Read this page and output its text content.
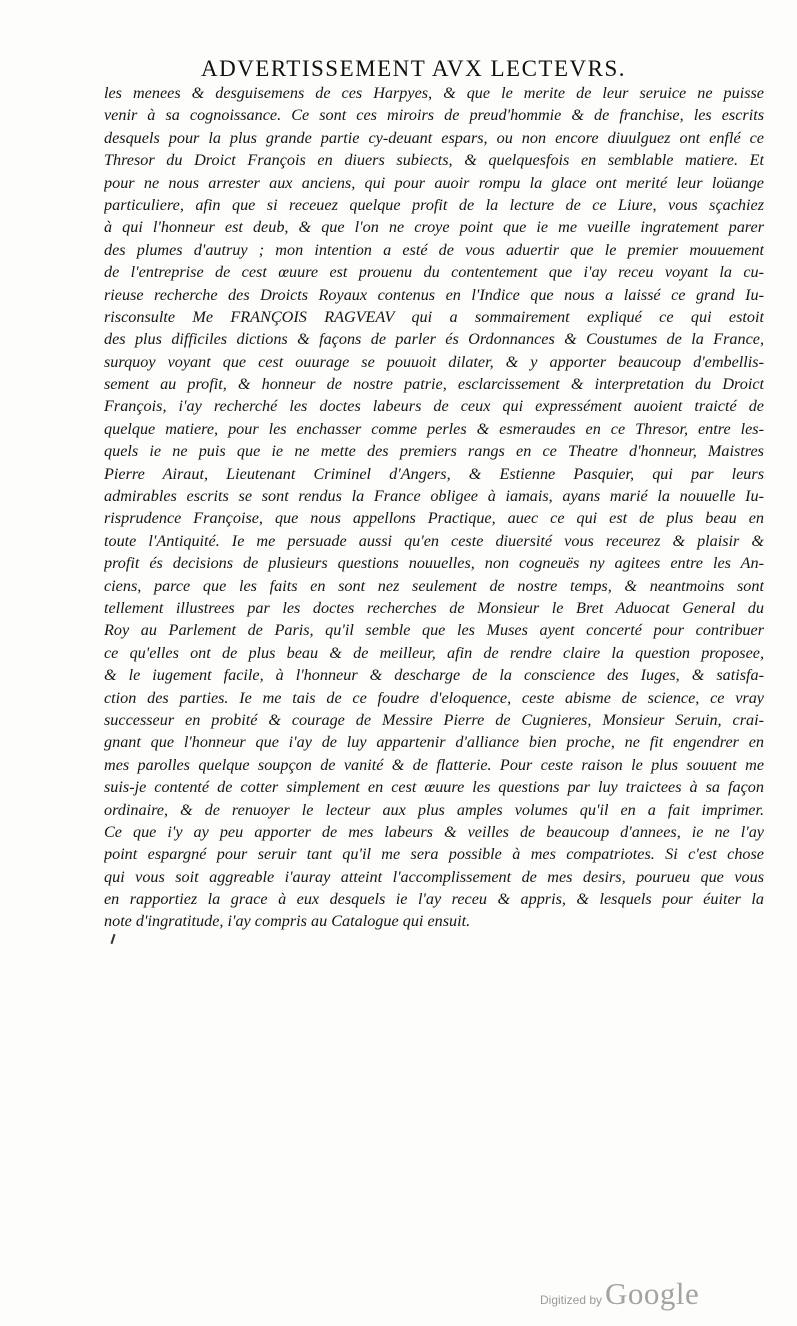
ADVERTISSEMENT AVX LECTEVRS.
les menees & desguisemens de ces Harpyes, & que le merite de leur seruice ne puisse
venir à sa cognoissance. Ce sont ces miroirs de preud'hommie & de franchise, les escrits
desquels pour la plus grande partie cy-deuant espars, ou non encore diuulguez ont enflé ce
Thresor du Droict François en diuers subiects, & quelquesfois en semblable matiere. Et
pour ne nous arrester aux anciens, qui pour auoir rompu la glace ont merité leur loüange
particuliere, afin que si receuez quelque profit de la lecture de ce Liure, vous sçachiez
à qui l'honneur est deub, & que l'on ne croye point que ie me vueille ingratement parer
des plumes d'autruy ; mon intention a esté de vous aduertir que le premier mouuement
de l'entreprise de cest œuure est prouenu du contentement que i'ay receu voyant la cu-
rieuse recherche des Droicts Royaux contenus en l'Indice que nous a laissé ce grand Iu-
risconsulte Me FRANÇOIS RAGVEAV qui a sommairement expliqué ce qui estoit
des plus difficiles dictions & façons de parler és Ordonnances & Coustumes de la France,
surquoy voyant que cest ouurage se pouuoit dilater, & y apporter beaucoup d'embellis-
sement au profit, & honneur de nostre patrie, esclarcissement & interpretation du Droict
François, i'ay recherché les doctes labeurs de ceux qui expressément auoient traicté de
quelque matiere, pour les enchasser comme perles & esmeraudes en ce Thresor, entre les-
quels ie ne puis que ie ne mette des premiers rangs en ce Theatre d'honneur, Maistres
Pierre Airaut, Lieutenant Criminel d'Angers, & Estienne Pasquier, qui par leurs
admirables escrits se sont rendus la France obligee à iamais, ayans marié la nouuelle Iu-
risprudence Françoise, que nous appellons Practique, auec ce qui est de plus beau en
toute l'Antiquité. Ie me persuade aussi qu'en ceste diuersité vous receurez & plaisir &
profit és decisions de plusieurs questions nouuelles, non cogneuës ny agitees entre les An-
ciens, parce que les faits en sont nez seulement de nostre temps, & neantmoins sont
tellement illustrees par les doctes recherches de Monsieur le Bret Aduocat General du
Roy au Parlement de Paris, qu'il semble que les Muses ayent concerté pour contribuer
ce qu'elles ont de plus beau & de meilleur, afin de rendre claire la question proposee,
& le iugement facile, à l'honneur & descharge de la conscience des Iuges, & satisfa-
ction des parties. Ie me tais de ce foudre d'eloquence, ceste abisme de science, ce vray
successeur en probité & courage de Messire Pierre de Cugnieres, Monsieur Seruin, crai-
gnant que l'honneur que i'ay de luy appartenir d'alliance bien proche, ne fit engendrer en
mes parolles quelque soupçon de vanité & de flatterie. Pour ceste raison le plus souuent me
suis-je contenté de cotter simplement en cest œuure les questions par luy traictees à sa façon
ordinaire, & de renuoyer le lecteur aux plus amples volumes qu'il en a fait imprimer.
Ce que i'y ay peu apporter de mes labeurs & veilles de beaucoup d'annees, ie ne l'ay
point espargné pour seruir tant qu'il me sera possible à mes compatriotes. Si c'est chose
qui vous soit aggreable i'auray atteint l'accomplissement de mes desirs, pourueu que vous
en rapportiez la grace à eux desquels ie l'ay receu & appris, & lesquels pour éuiter la
note d'ingratitude, i'ay compris au Catalogue qui ensuit.
Digitized by Google
